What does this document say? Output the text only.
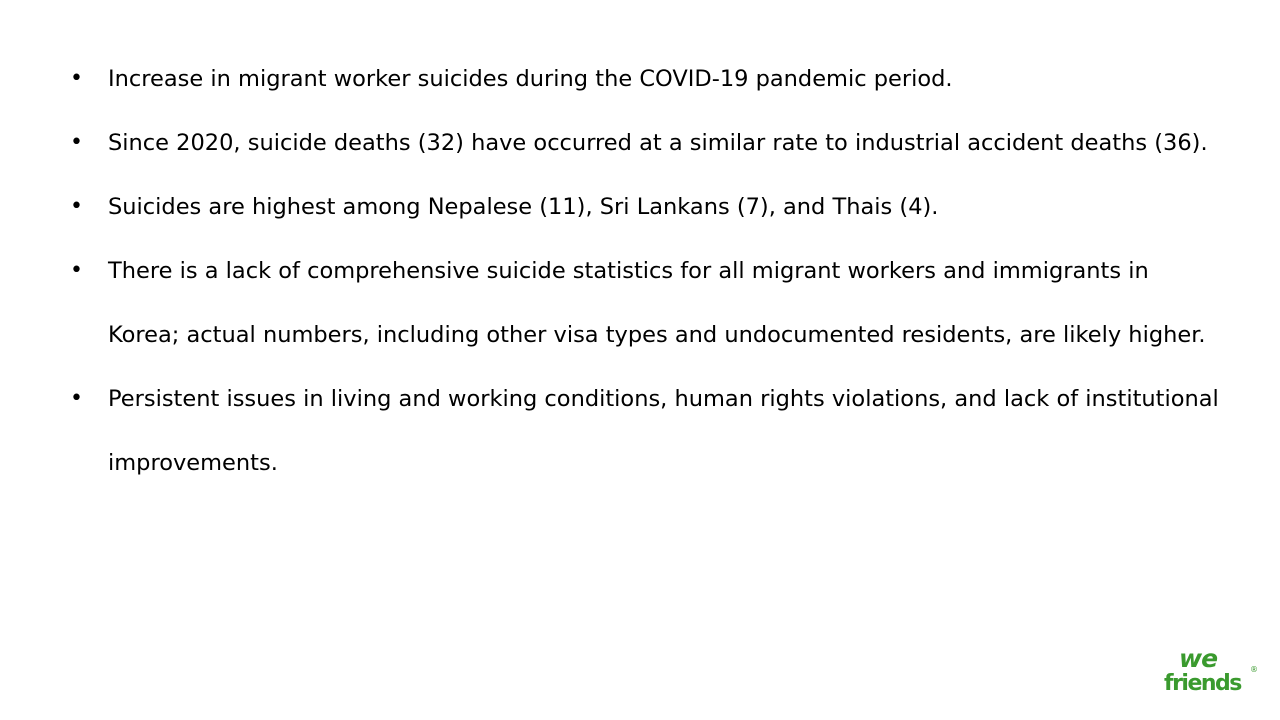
• Increase in migrant worker suicides during the COVID-19 pandemic period.
• Since 2020, suicide deaths (32) have occurred at a similar rate to industrial accident deaths (36).
• Suicides are highest among Nepalese (11), Sri Lankans (7), and Thais (4).
• There is a lack of comprehensive suicide statistics for all migrant workers and immigrants in Korea; actual numbers, including other visa types and undocumented residents, are likely higher.
• Persistent issues in living and working conditions, human rights violations, and lack of institutional improvements.
we
friends
®
